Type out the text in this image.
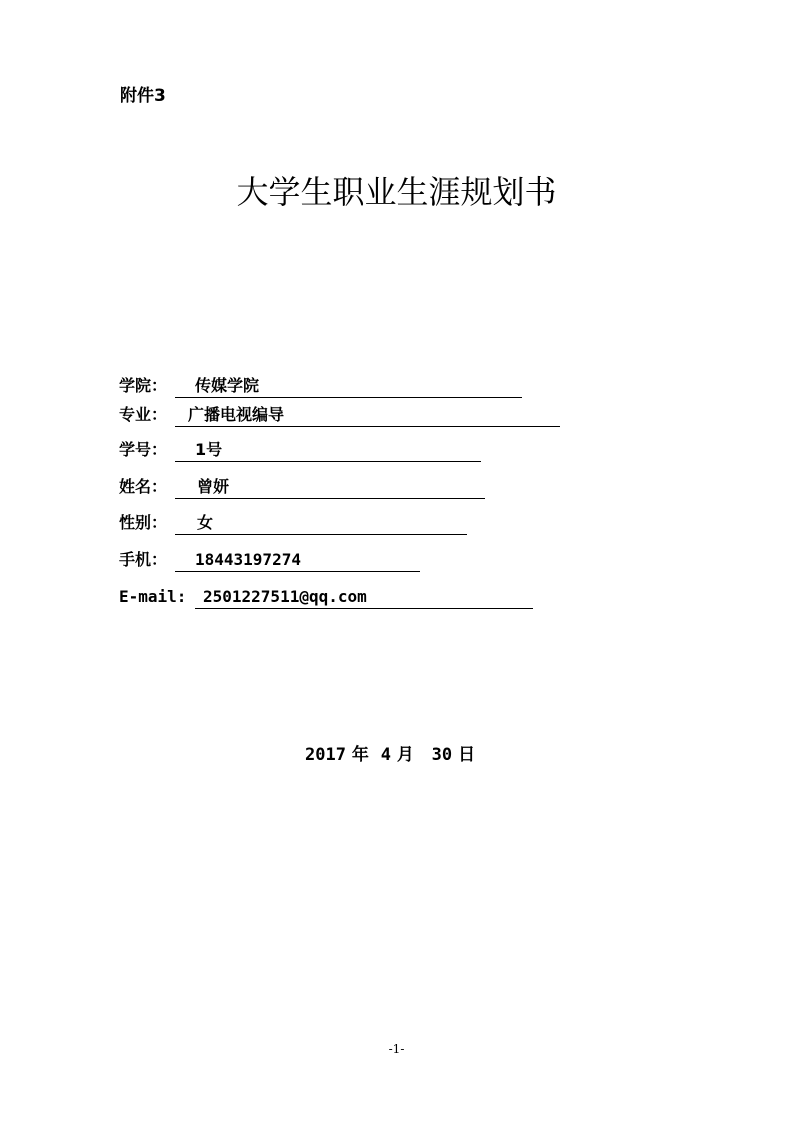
附件3
大学生职业生涯规划书
学院： 传媒学院
专业： 广播电视编导
学号： 1号
姓名： 曾妍
性别： 女
手机： 18443197274
E-mail: 2501227511@qq.com
2017 年 4 月 30 日
-1-
